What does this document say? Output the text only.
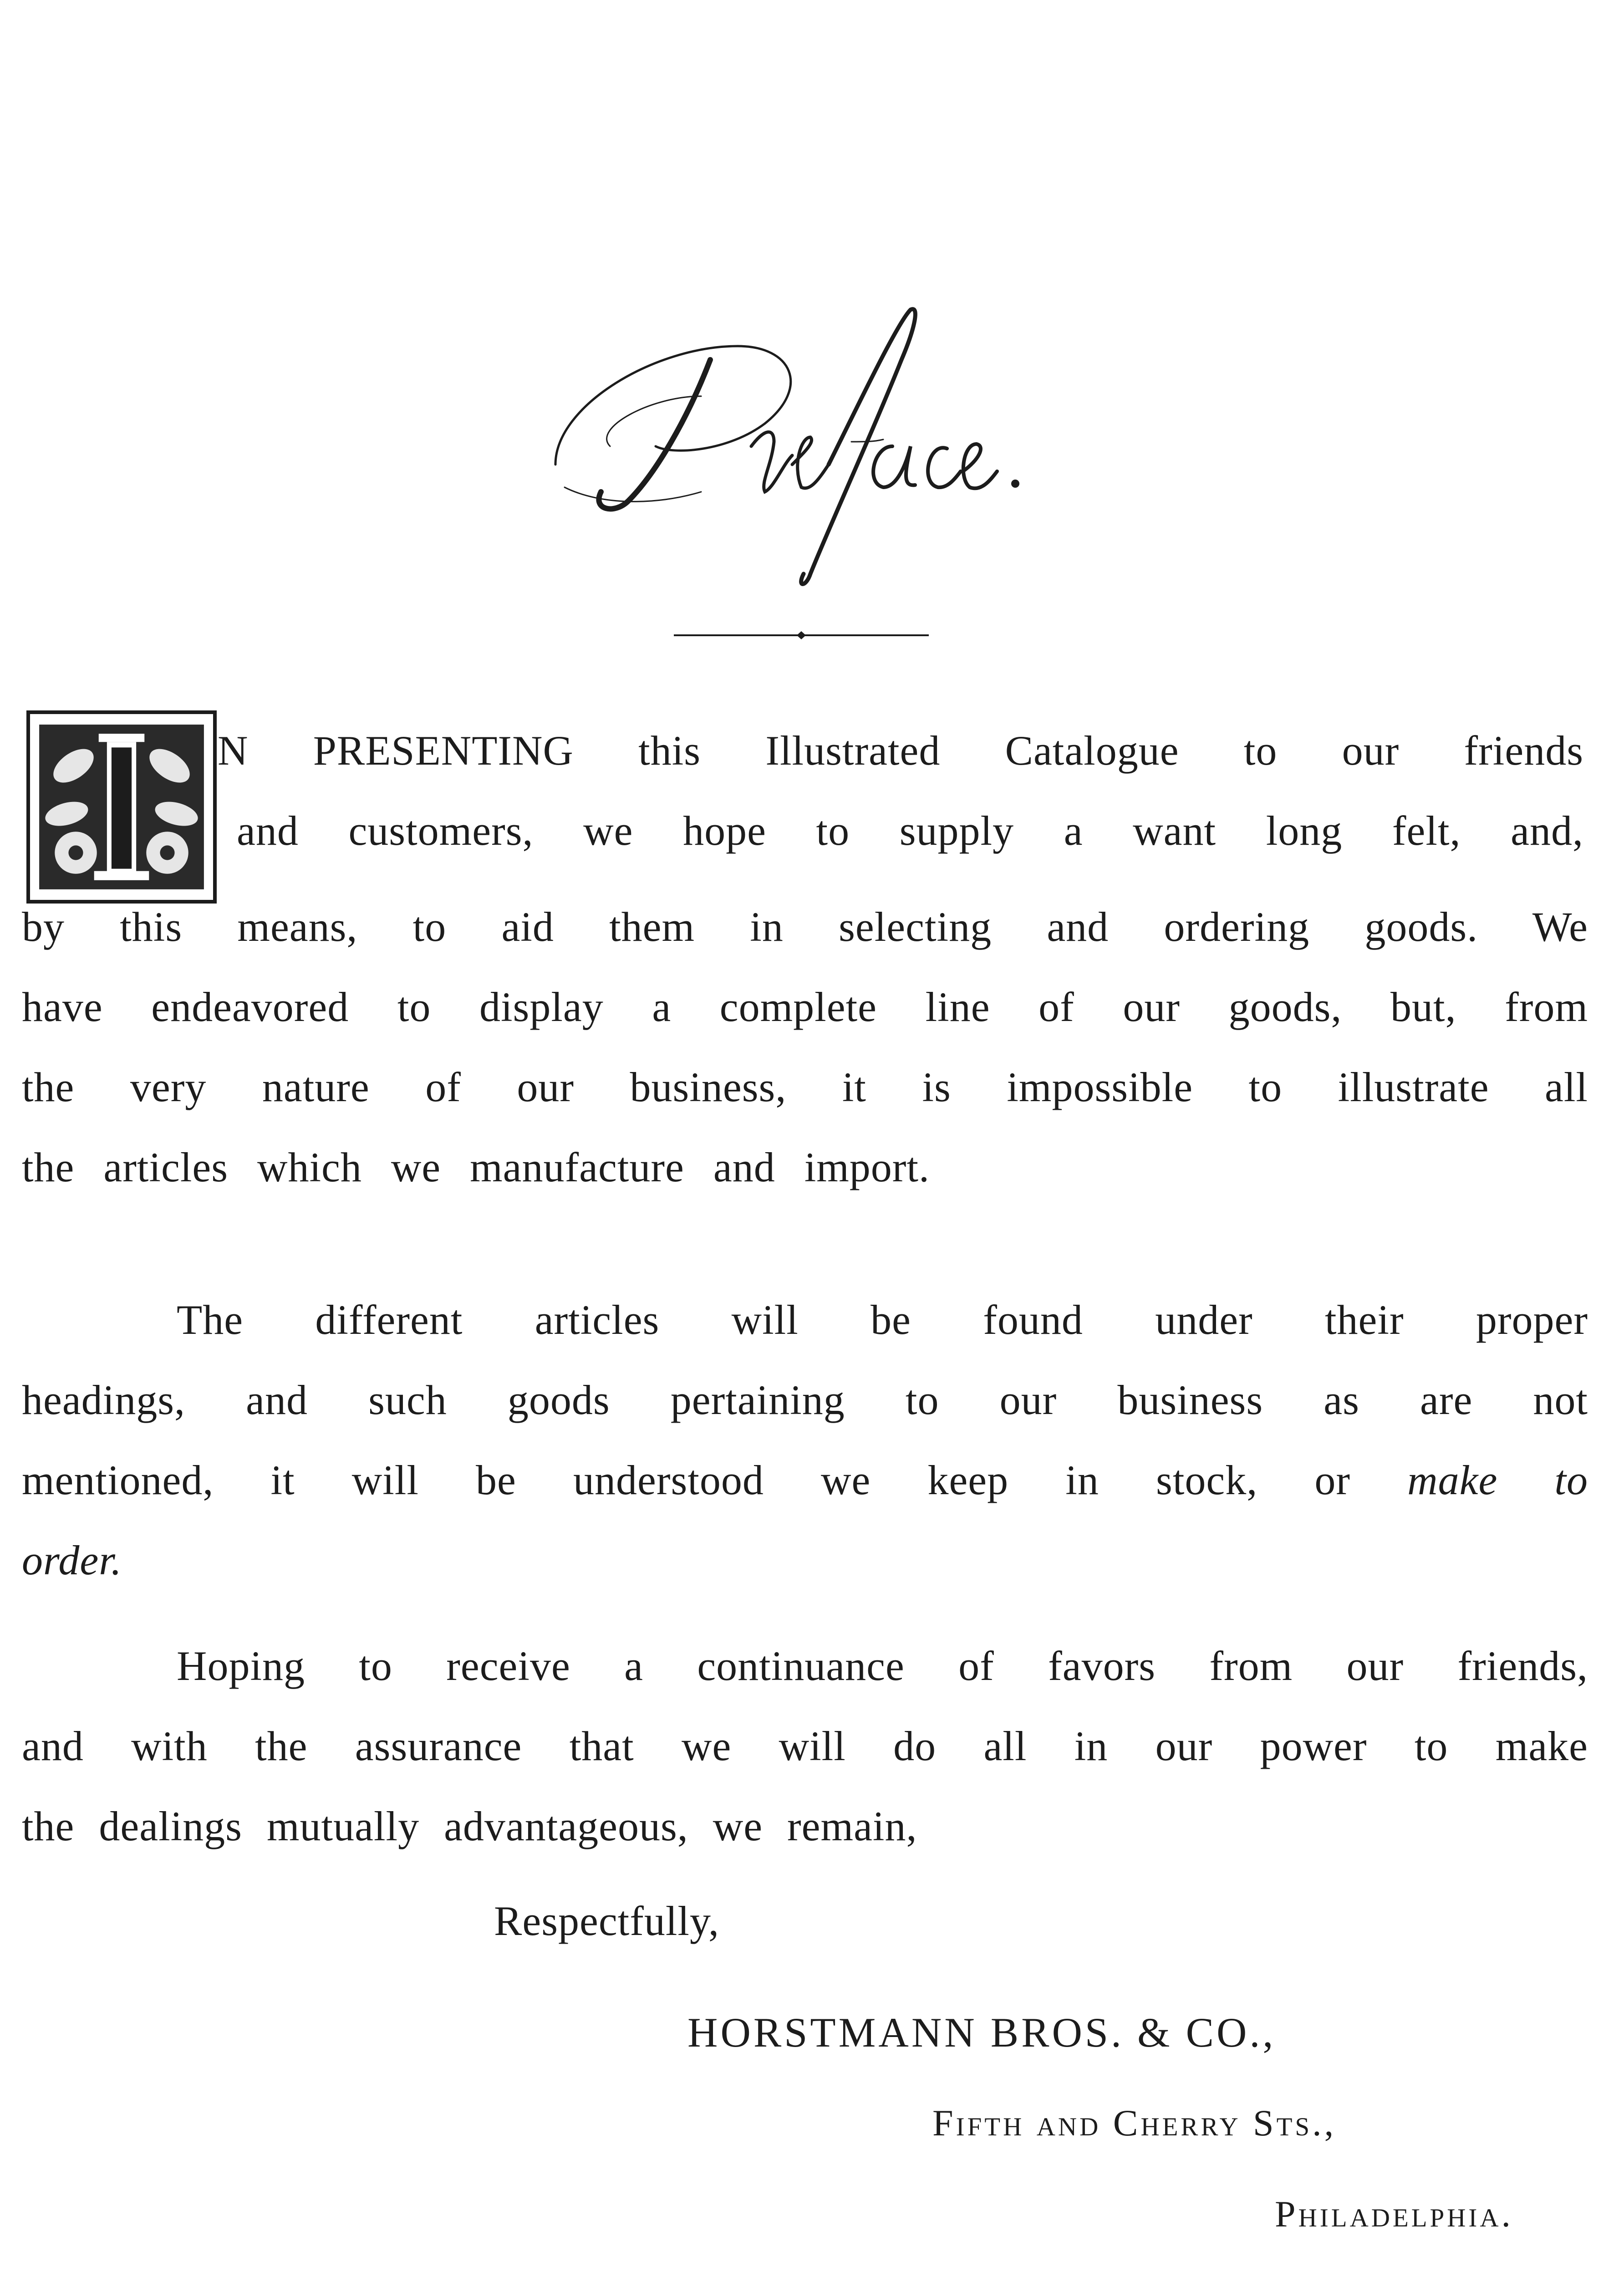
N PRESENTING this Illustrated Catalogue to our friends
and customers, we hope to supply a want long felt, and,
by this means, to aid them in selecting and ordering goods. We
have endeavored to display a complete line of our goods, but, from
the very nature of our business, it is impossible to illustrate all
the articles which we manufacture and import.
The different articles will be found under their proper
headings, and such goods pertaining to our business as are not
mentioned, it will be understood we keep in stock, or make to
order.
Hoping to receive a continuance of favors from our friends,
and with the assurance that we will do all in our power to make
the dealings mutually advantageous, we remain,
Respectfully,
HORSTMANN BROS. & CO.,
Fifth and Cherry Sts.,
Philadelphia.
